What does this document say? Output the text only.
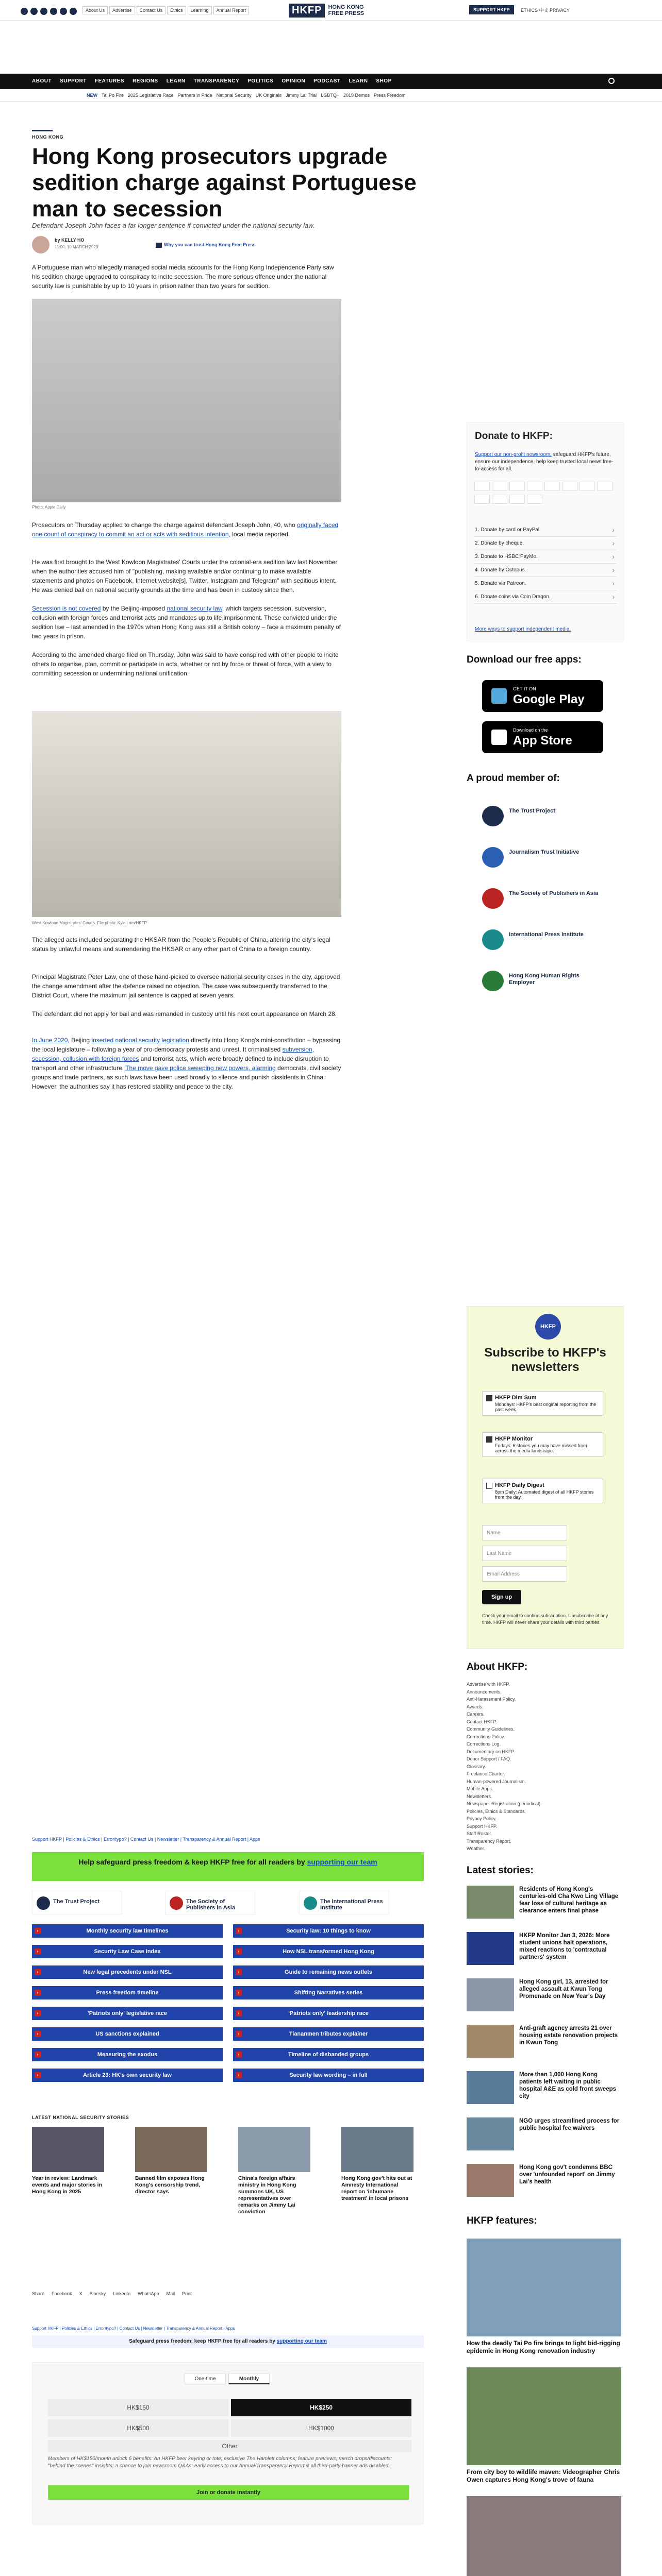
About Us Advertise Contact Us Ethics Learning Annual Report	HKFP	HONG KONG
FREE PRESS
SUPPORT HKFP	ETHICS 中文 PRIVACY
ABOUT SUPPORT FEATURES REGIONS LEARN TRANSPARENCY POLITICS OPINION PODCAST LEARN SHOP
NEW Tai Po Fire 2025 Legislative Race Partners in Pride National Security UK Originals Jimmy Lai Trial LGBTQ+ 2019 Demos Press Freedom
HONG KONG
Hong Kong prosecutors upgrade sedition charge against Portuguese man to secession
Defendant Joseph John faces a far longer sentence if convicted under the national security law.
by KELLY HO
11:00, 10 MARCH 2023	Why you can trust Hong Kong Free Press
A Portuguese man who allegedly managed social media accounts for the Hong Kong Independence Party saw his sedition charge upgraded to conspiracy to incite secession. The more serious offence under the national security law is punishable by up to 10 years in prison rather than two years for sedition.
Photo: Apple Daily
Prosecutors on Thursday applied to change the charge against defendant Joseph John, 40, who originally faced one count of conspiracy to commit an act or acts with seditious intention, local media reported.
He was first brought to the West Kowloon Magistrates' Courts under the colonial-era sedition law last November when the authorities accused him of "publishing, making available and/or continuing to make available statements and photos on Facebook, Internet website[s], Twitter, Instagram and Telegram" with seditious intent. He was denied bail on national security grounds at the time and has been in custody since then.
Secession is not covered by the Beijing-imposed national security law, which targets secession, subversion, collusion with foreign forces and terrorist acts and mandates up to life imprisonment. Those convicted under the sedition law – last amended in the 1970s when Hong Kong was still a British colony – face a maximum penalty of two years in prison.
According to the amended charge filed on Thursday, John was said to have conspired with other people to incite others to organise, plan, commit or participate in acts, whether or not by force or threat of force, with a view to committing secession or undermining national unification.
West Kowloon Magistrates' Courts. File photo: Kyle Lam/HKFP
The alleged acts included separating the HKSAR from the People's Republic of China, altering the city's legal status by unlawful means and surrendering the HKSAR or any other part of China to a foreign country.
Principal Magistrate Peter Law, one of those hand-picked to oversee national security cases in the city, approved the change amendment after the defence raised no objection. The case was subsequently transferred to the District Court, where the maximum jail sentence is capped at seven years.
The defendant did not apply for bail and was remanded in custody until his next court appearance on March 28.
In June 2020, Beijing inserted national security legislation directly into Hong Kong's mini-constitution – bypassing the local legislature – following a year of pro-democracy protests and unrest. It criminalised subversion, secession, collusion with foreign forces and terrorist acts, which were broadly defined to include disruption to transport and other infrastructure. The move gave police sweeping new powers, alarming democrats, civil society groups and trade partners, as such laws have been used broadly to silence and punish dissidents in China. However, the authorities say it has restored stability and peace to the city.
Donate to HKFP:
Support our non-profit newsroom: safeguard HKFP's future, ensure our independence, help keep trusted local news free-to-access for all.
1. Donate by card or PayPal. ›
2. Donate by cheque. ›
3. Donate to HSBC PayMe. ›
4. Donate by Octopus. ›
5. Donate via Patreon. ›
6. Donate coins via Coin Dragon. ›
More ways to support independent media.
Download our free apps:
GET IT ON
Google Play
Download on the
App Store
A proud member of:
The Trust Project
Journalism Trust Initiative
The Society of Publishers in Asia
International Press Institute
Hong Kong Human Rights Employer
HKFP
Subscribe to HKFP's newsletters
HKFP Dim Sum
Mondays: HKFP's best original reporting from the past week.
HKFP Monitor
Fridays: 6 stories you may have missed from across the media landscape.
HKFP Daily Digest
8pm Daily: Automated digest of all HKFP stories from the day.
Name
Last Name
Email Address
Sign up
Check your email to confirm subscription. Unsubscribe at any time. HKFP will never share your details with third parties.
About HKFP:
Advertise with HKFP.
Announcements.
Anti-Harassment Policy.
Awards.
Careers.
Contact HKFP.
Community Guidelines.
Corrections Policy.
Corrections Log.
Documentary on HKFP.
Donor Support / FAQ.
Glossary.
Freelance Charter.
Human-powered Journalism.
Mobile Apps.
Newsletters.
Newspaper Registration (periodical).
Policies, Ethics & Standards.
Privacy Policy.
Support HKFP.
Staff Roster.
Transparency Report.
Weather.
Latest stories:
Residents of Hong Kong's centuries-old Cha Kwo Ling Village fear loss of cultural heritage as clearance enters final phase
HKFP Monitor Jan 3, 2026: More student unions halt operations, mixed reactions to 'contractual partners' system
Hong Kong girl, 13, arrested for alleged assault at Kwun Tong Promenade on New Year's Day
Anti-graft agency arrests 21 over housing estate renovation projects in Kwun Tong
More than 1,000 Hong Kong patients left waiting in public hospital A&E as cold front sweeps city
NGO urges streamlined process for public hospital fee waivers
Hong Kong gov't condemns BBC over 'unfounded report' on Jimmy Lai's health
HKFP features:
How the deadly Tai Po fire brings to light bid-rigging epidemic in Hong Kong renovation industry
From city boy to wildlife maven: Videographer Chris Owen captures Hong Kong's trove of fauna
Support HKFP | Policies & Ethics | Error/typo? | Contact Us | Newsletter | Transparency & Annual Report | Apps
Help safeguard press freedom & keep HKFP free for all readers by supporting our team
The Trust Project	The Society of Publishers in Asia
The International Press Institute
›	Monthly security law timelines	›	Security law: 10 things to know
›	Security Law Case Index	›	How NSL transformed Hong Kong
›	New legal precedents under NSL	›	Guide to remaining news outlets
›	Press freedom timeline	›	Shifting Narratives series
›	'Patriots only' legislative race	›	'Patriots only' leadership race
›	US sanctions explained	›	Tiananmen tributes explainer
›	Measuring the exodus	›	Timeline of disbanded groups
›	Article 23: HK's own security law	›	Security law wording – in full
LATEST NATIONAL SECURITY STORIES
Year in review: Landmark events and major stories in Hong Kong in 2025
Banned film exposes Hong Kong's censorship trend, director says
China's foreign affairs ministry in Hong Kong summons UK, US representatives over remarks on Jimmy Lai conviction
Hong Kong gov't hits out at Amnesty International report on 'inhumane treatment' in local prisons
Share Facebook X Bluesky LinkedIn WhatsApp Mail Print
Support HKFP | Policies & Ethics | Error/typo? | Contact Us | Newsletter | Transparency & Annual Report | Apps
Safeguard press freedom; keep HKFP free for all readers by supporting our team
One-time	Monthly
HK$150	HK$250
HK$500	HK$1000
Other
Members of HK$150/month unlock 6 benefits: An HKFP beer keyring or tote; exclusive The Hamlett columns; feature previews; merch drops/discounts; "behind the scenes" insights; a chance to join newsroom Q&As; early access to our Annual/Transparency Report & all third-party banner ads disabled.
Join or donate instantly
